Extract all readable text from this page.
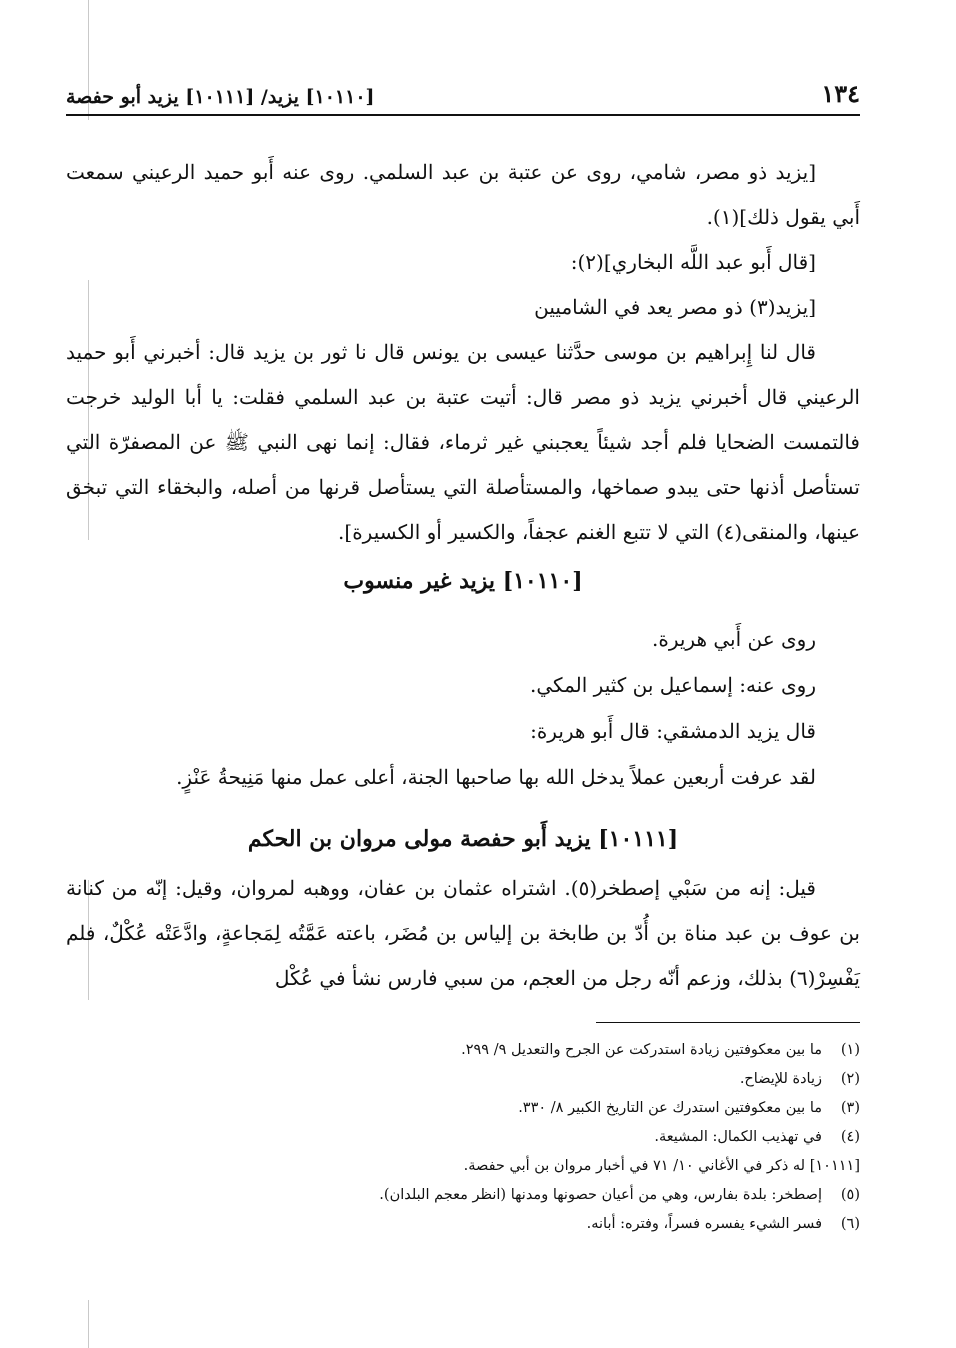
١٣٤
[١٠١١٠] يزيد/ [١٠١١١] يزيد أبو حفصة

[يزيد ذو مصر، شامي، روى عن عتبة بن عبد السلمي. روى عنه أَبو حميد الرعيني سمعت أَبي يقول ذلك](١).

[قال أَبو عبد اللَّه البخاري](٢):

[يزيد(٣) ذو مصر يعد في الشاميين

قال لنا إِبراهيم بن موسى حدَّثنا عيسى بن يونس قال نا ثور بن يزيد قال: أخبرني أَبو حميد الرعيني قال أخبرني يزيد ذو مصر قال: أتيت عتبة بن عبد السلمي فقلت: يا أبا الوليد خرجت فالتمست الضحايا فلم أجد شيئاً يعجبني غير ثرماء، فقال: إنما نهى النبي ﷺ عن المصفرّة التي تستأصل أذنها حتى يبدو صماخها، والمستأصلة التي يستأصل قرنها من أصله، والبخقاء التي تبخق عينها، والمنقى(٤) التي لا تتبع الغنم عجفاً، والكسير أو الكسيرة].

[١٠١١٠] يزيد غير منسوب

روى عن أَبي هريرة.

روى عنه: إسماعيل بن كثير المكي.

قال يزيد الدمشقي: قال أَبو هريرة:

لقد عرفت أربعين عملاً يدخل الله بها صاحبها الجنة، أعلى عمل منها مَنِيحةُ عَنْزٍ.

[١٠١١١] يزيد أَبو حفصة مولى مروان بن الحكم

قيل: إنه من سَبْي إصطخر(٥). اشتراه عثمان بن عفان، ووهبه لمروان، وقيل: إنّه من كنانة بن عوف بن عبد مناة بن أُدّ بن طابخة بن إلياس بن مُضَر، باعته عَمَّتُه لِمَجاعةٍ، وادَّعَتْه عُكْلٌ، فلم يَفْسِرْ(٦) بذلك، وزعم أنّه رجل من العجم، من سبي فارس نشأ في عُكْل

(١)ما بين معكوفتين زيادة استدركت عن الجرح والتعديل ٩/ ٢٩٩.
(٢)زيادة للإيضاح.
(٣)ما بين معكوفتين استدرك عن التاريخ الكبير ٨/ ٣٣٠.
(٤)في تهذيب الكمال: المشيعة.
[١٠١١١] له ذكر في الأغاني ١٠/ ٧١ في أخبار مروان بن أبي حفصة.
(٥)إصطخر: بلدة بفارس، وهي من أعيان حصونها ومدنها (انظر معجم البلدان).
(٦)فسر الشيء يفسره فسراً، وفتره: أبانه.
